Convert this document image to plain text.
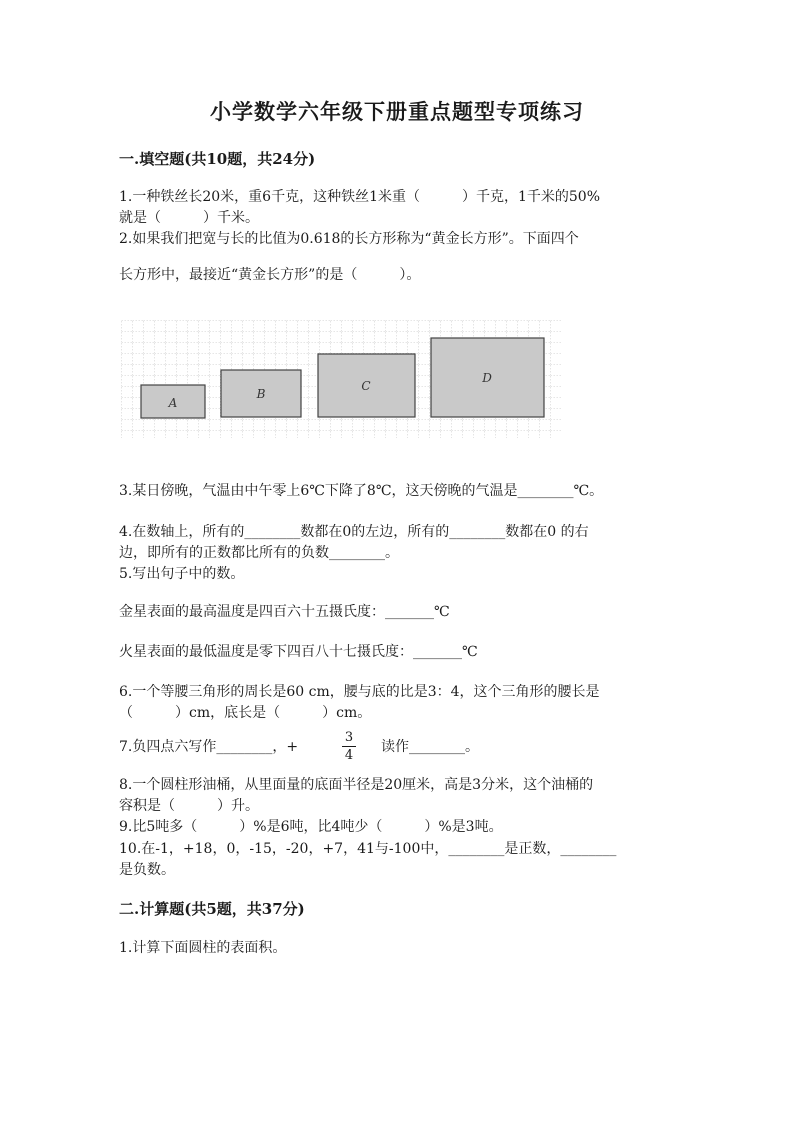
小学数学六年级下册重点题型专项练习
一.填空题(共10题，共24分)
1.一种铁丝长20米，重6千克，这种铁丝1米重（　　　）千克，1千米的50%
就是（　　　）千米。
2.如果我们把宽与长的比值为0.618的长方形称为“黄金长方形”。下面四个
长方形中，最接近“黄金长方形”的是（　　　）。
A
B
C
D
3.某日傍晚，气温由中午零上6℃下降了8℃，这天傍晚的气温是________℃。
4.在数轴上，所有的________数都在0的左边，所有的________数都在0 的右
边，即所有的正数都比所有的负数________。
5.写出句子中的数。
金星表面的最高温度是四百六十五摄氏度：_______℃
火星表面的最低温度是零下四百八十七摄氏度：_______℃
6.一个等腰三角形的周长是60 cm，腰与底的比是3：4，这个三角形的腰长是
（　　　）cm，底长是（　　　）cm。
7.负四点六写作________，+
3
4
读作________。
8.一个圆柱形油桶，从里面量的底面半径是20厘米，高是3分米，这个油桶的
容积是（　　　）升。
9.比5吨多（　　　）%是6吨，比4吨少（　　　）%是3吨。
10.在-1，+18，0，-15，-20，+7，41与-100中，________是正数，________
是负数。
二.计算题(共5题，共37分)
1.计算下面圆柱的表面积。
